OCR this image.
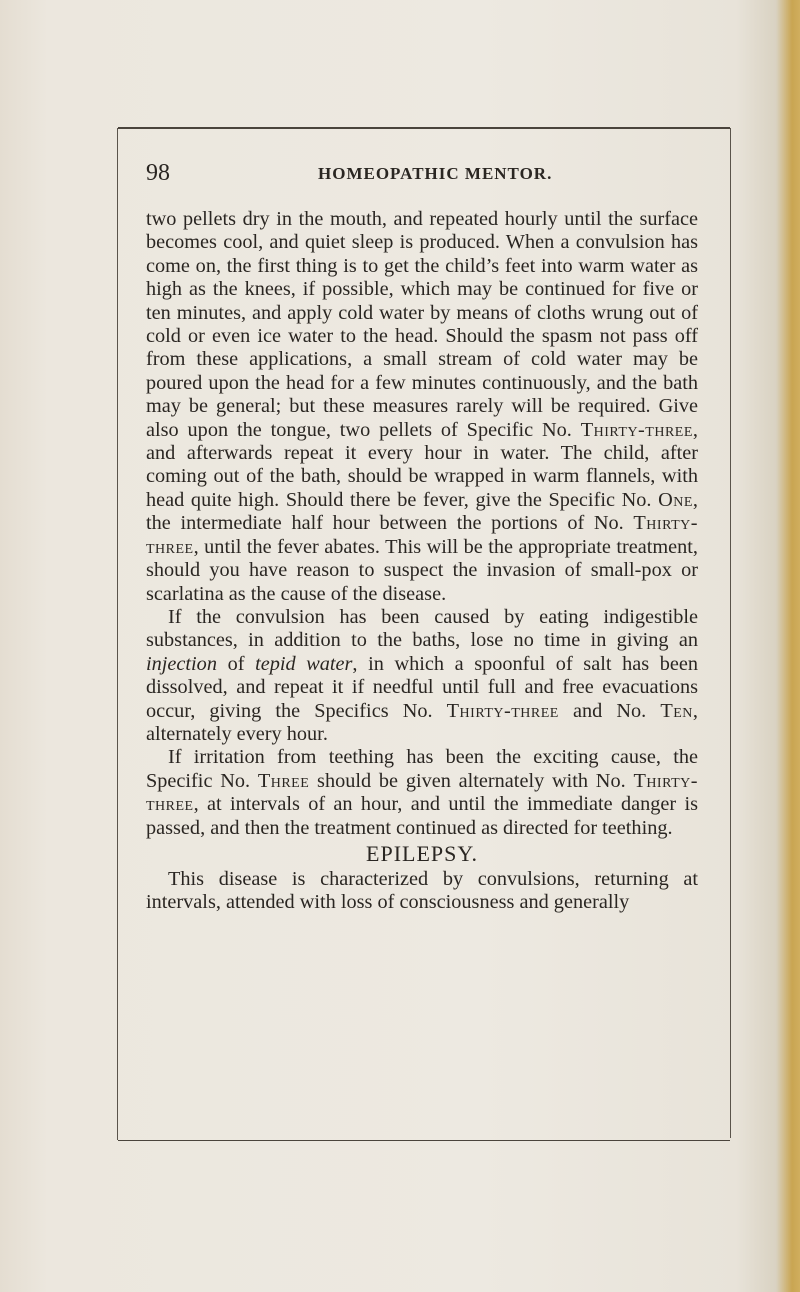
98	HOMEOPATHIC MENTOR.

two pellets dry in the mouth, and repeated hourly until the surface becomes cool, and quiet sleep is produced. When a convulsion has come on, the first thing is to get the child’s feet into warm water as high as the knees, if possible, which may be continued for five or ten minutes, and apply cold water by means of cloths wrung out of cold or even ice water to the head. Should the spasm not pass off from these applications, a small stream of cold water may be poured upon the head for a few minutes continuously, and the bath may be general; but these measures rarely will be required. Give also upon the tongue, two pellets of Specific No. Thirty-three, and afterwards repeat it every hour in water. The child, after coming out of the bath, should be wrapped in warm flannels, with head quite high. Should there be fever, give the Specific No. One, the intermediate half hour between the portions of No. Thirty-three, until the fever abates. This will be the appropriate treatment, should you have reason to suspect the invasion of small-pox or scarlatina as the cause of the disease.

If the convulsion has been caused by eating indigestible substances, in addition to the baths, lose no time in giving an injection of tepid water, in which a spoonful of salt has been dissolved, and repeat it if needful until full and free evacuations occur, giving the Specifics No. Thirty-three and No. Ten, alternately every hour.

If irritation from teething has been the exciting cause, the Specific No. Three should be given alternately with No. Thirty-three, at intervals of an hour, and until the immediate danger is passed, and then the treatment continued as directed for teething.

EPILEPSY.

This disease is characterized by convulsions, returning at intervals, attended with loss of consciousness and generally
